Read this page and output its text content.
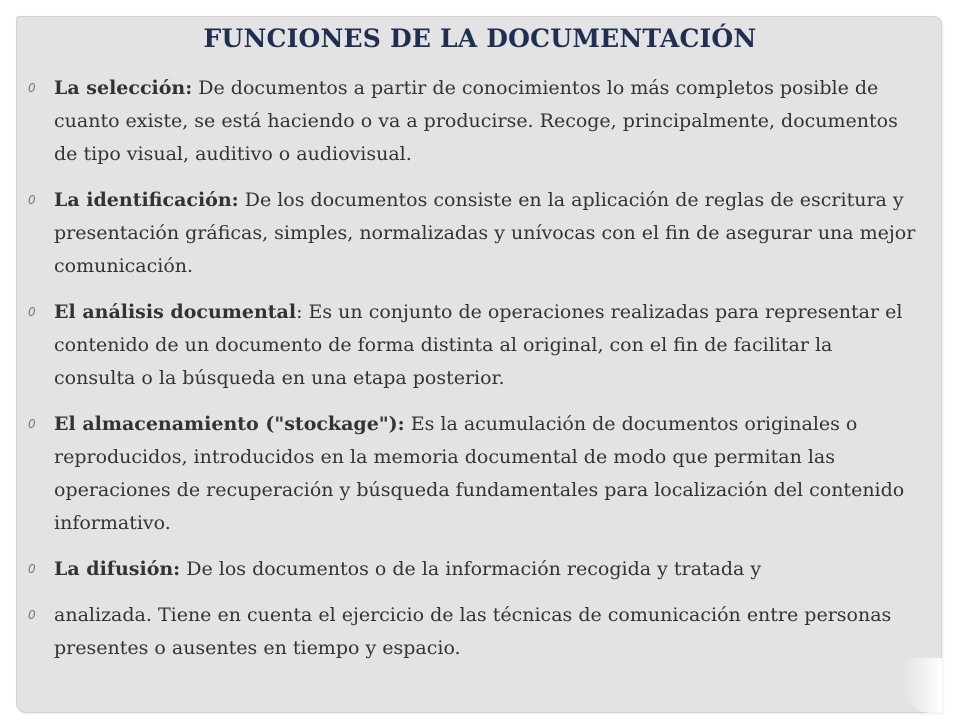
FUNCIONES DE LA DOCUMENTACIÓN
0 La selección: De documentos a partir de conocimientos lo más completos posible de cuanto existe, se está haciendo o va a producirse. Recoge, principalmente, documentos de tipo visual, auditivo o audiovisual.
0 La identificación: De los documentos consiste en la aplicación de reglas de escritura y presentación gráficas, simples, normalizadas y unívocas con el fin de asegurar una mejor comunicación.
0 El análisis documental: Es un conjunto de operaciones realizadas para representar el contenido de un documento de forma distinta al original, con el fin de facilitar la consulta o la búsqueda en una etapa posterior.
0 El almacenamiento ("stockage"): Es la acumulación de documentos originales o reproducidos, introducidos en la memoria documental de modo que permitan las operaciones de recuperación y búsqueda fundamentales para localización del contenido informativo.
0 La difusión: De los documentos o de la información recogida y tratada y
0 analizada. Tiene en cuenta el ejercicio de las técnicas de comunicación entre personas presentes o ausentes en tiempo y espacio.
